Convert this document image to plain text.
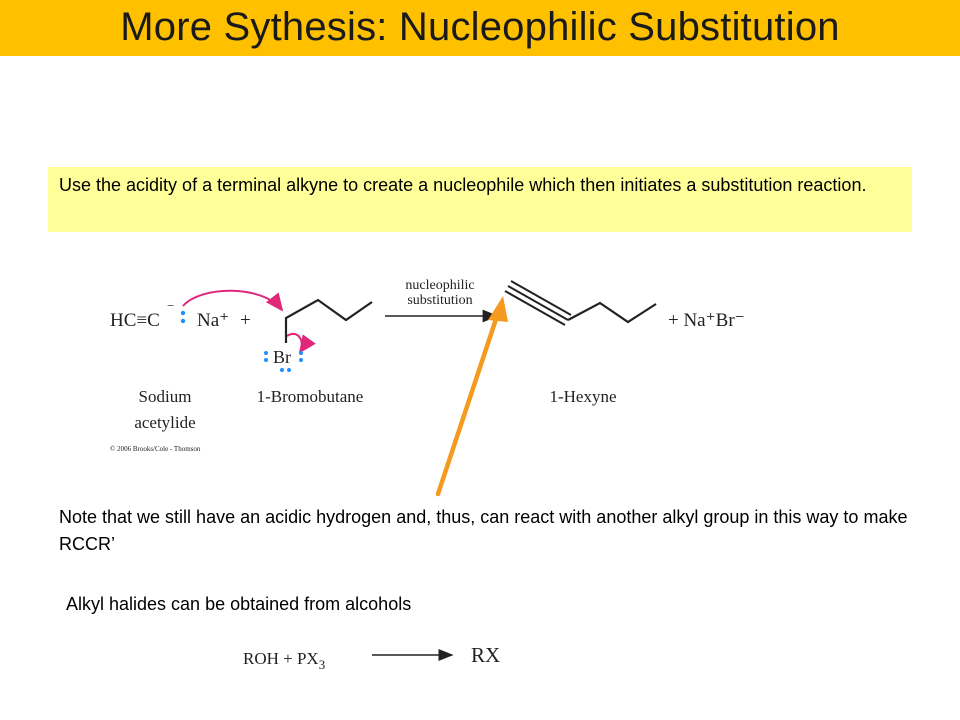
More Sythesis: Nucleophilic Substitution
Use the acidity of a terminal alkyne to create a nucleophile which then initiates a substitution reaction.
HC≡C
−
Na⁺ +
Br
nucleophilic
substitution
+ Na⁺Br⁻
Sodium
acetylide
1-Bromobutane	1-Hexyne
© 2006 Brooks/Cole - Thomson
ROH + $PX_3$	RX
Note that we still have an acidic hydrogen and, thus, can react with another alkyl group in this way to make RCCR’
Alkyl halides can be obtained from alcohols
